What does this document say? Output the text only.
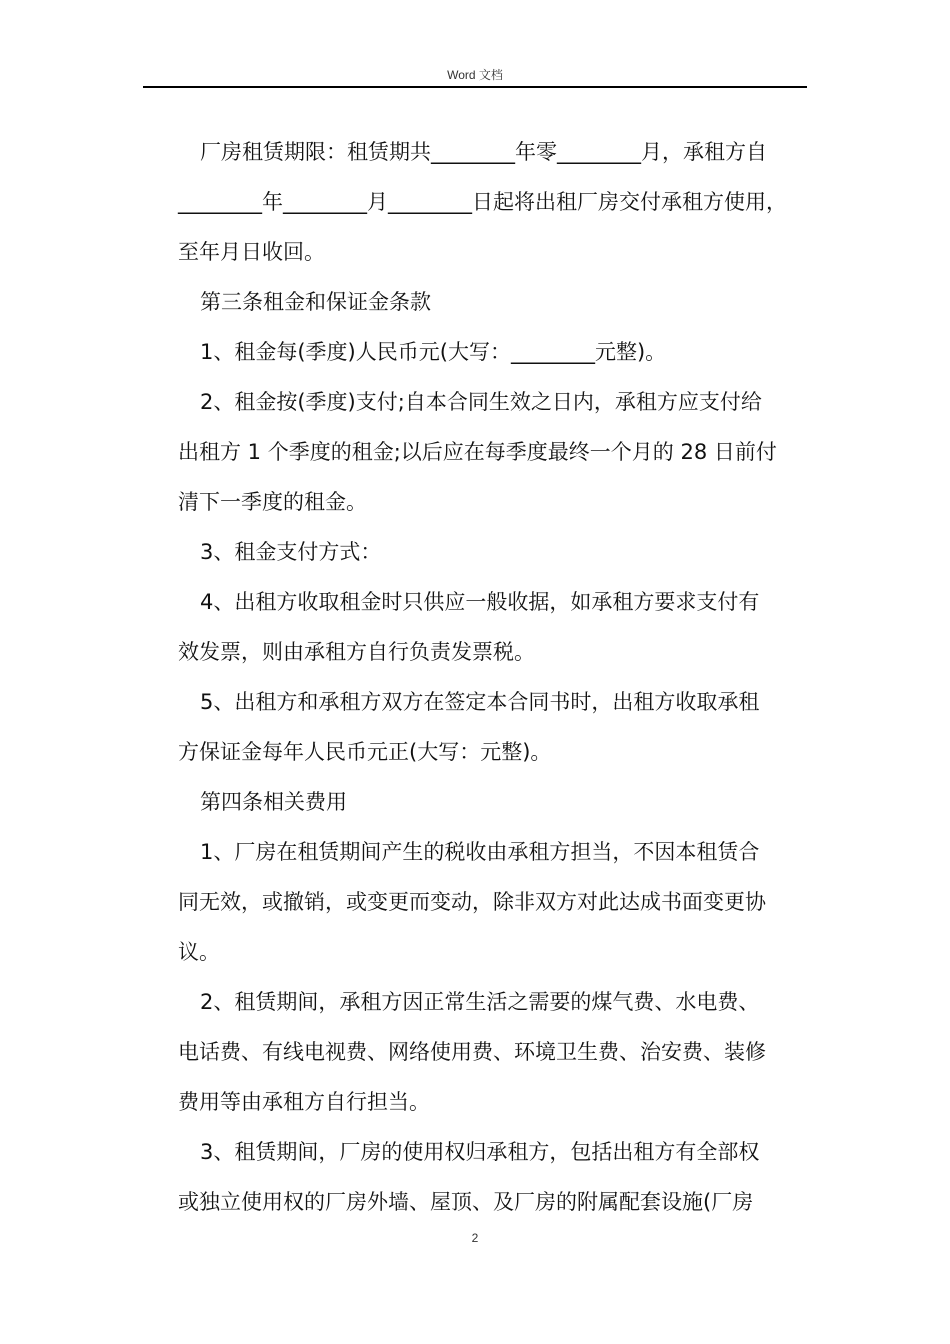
Word 文档
厂房租赁期限：租赁期共________年零________月，承租方自
________年________月________日起将出租厂房交付承租方使用，
至年月日收回。
第三条租金和保证金条款
1、租金每(季度)人民币元(大写：________元整)。
2、租金按(季度)支付;自本合同生效之日内，承租方应支付给
出租方 1 个季度的租金;以后应在每季度最终一个月的 28 日前付
清下一季度的租金。
3、租金支付方式：
4、出租方收取租金时只供应一般收据，如承租方要求支付有
效发票，则由承租方自行负责发票税。
5、出租方和承租方双方在签定本合同书时，出租方收取承租
方保证金每年人民币元正(大写：元整)。
第四条相关费用
1、厂房在租赁期间产生的税收由承租方担当，不因本租赁合
同无效，或撤销，或变更而变动，除非双方对此达成书面变更协
议。
2、租赁期间，承租方因正常生活之需要的煤气费、水电费、
电话费、有线电视费、网络使用费、环境卫生费、治安费、装修
费用等由承租方自行担当。
3、租赁期间，厂房的使用权归承租方，包括出租方有全部权
或独立使用权的厂房外墙、屋顶、及厂房的附属配套设施(厂房
2
